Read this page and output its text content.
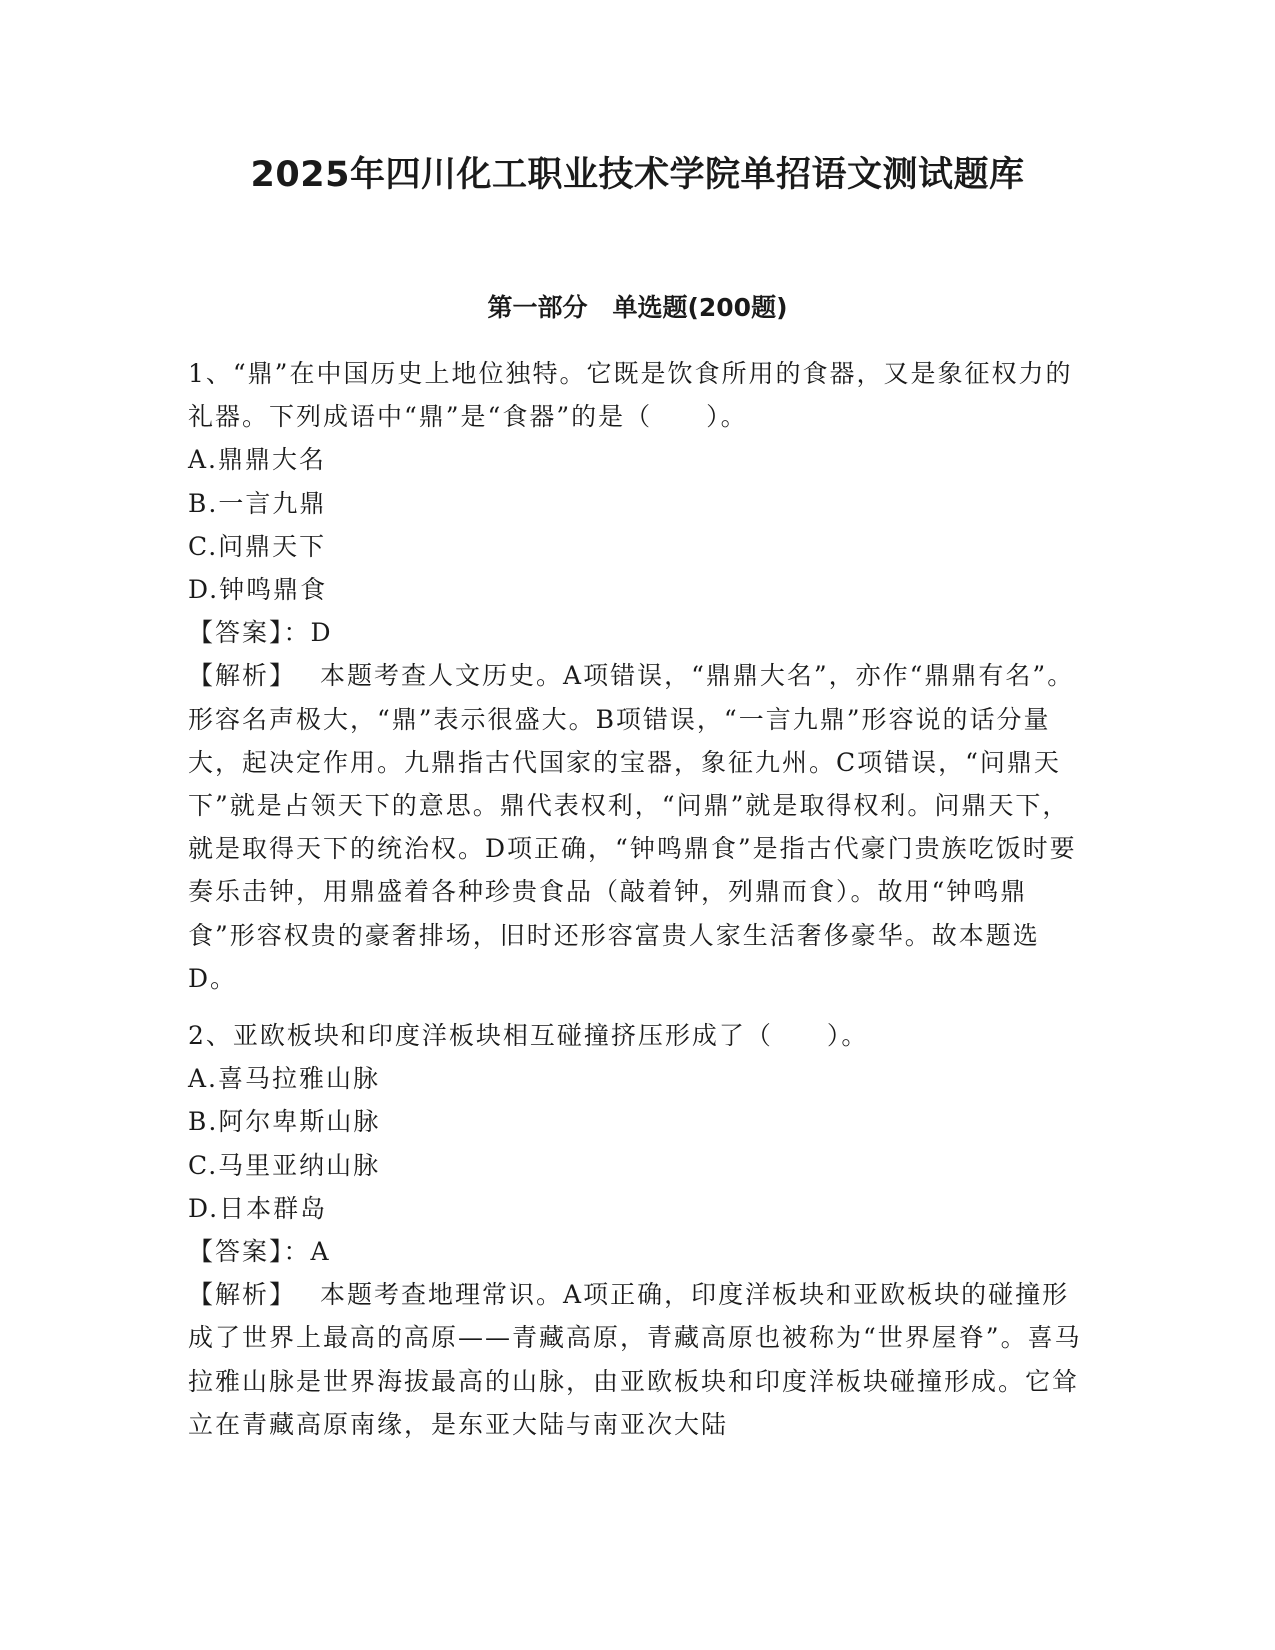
2025年四川化工职业技术学院单招语文测试题库
第一部分　单选题(200题)

1、“鼎”在中国历史上地位独特。它既是饮食所用的食器，又是象征权力的礼器。下列成语中“鼎”是“食器”的是（　　）。

A.鼎鼎大名

B.一言九鼎

C.问鼎天下

D.钟鸣鼎食

【答案】：D

【解析】 本题考查人文历史。A项错误，“鼎鼎大名”，亦作“鼎鼎有名”。形容名声极大，“鼎”表示很盛大。B项错误，“一言九鼎”形容说的话分量大，起决定作用。九鼎指古代国家的宝器，象征九州。C项错误，“问鼎天下”就是占领天下的意思。鼎代表权利，“问鼎”就是取得权利。问鼎天下，就是取得天下的统治权。D项正确，“钟鸣鼎食”是指古代豪门贵族吃饭时要奏乐击钟，用鼎盛着各种珍贵食品（敲着钟，列鼎而食）。故用“钟鸣鼎食”形容权贵的豪奢排场，旧时还形容富贵人家生活奢侈豪华。故本题选D。

2、亚欧板块和印度洋板块相互碰撞挤压形成了（　　）。

A.喜马拉雅山脉

B.阿尔卑斯山脉

C.马里亚纳山脉

D.日本群岛

【答案】：A

【解析】 本题考查地理常识。A项正确，印度洋板块和亚欧板块的碰撞形成了世界上最高的高原——青藏高原，青藏高原也被称为“世界屋脊”。喜马拉雅山脉是世界海拔最高的山脉，由亚欧板块和印度洋板块碰撞形成。它耸立在青藏高原南缘，是东亚大陆与南亚次大陆
